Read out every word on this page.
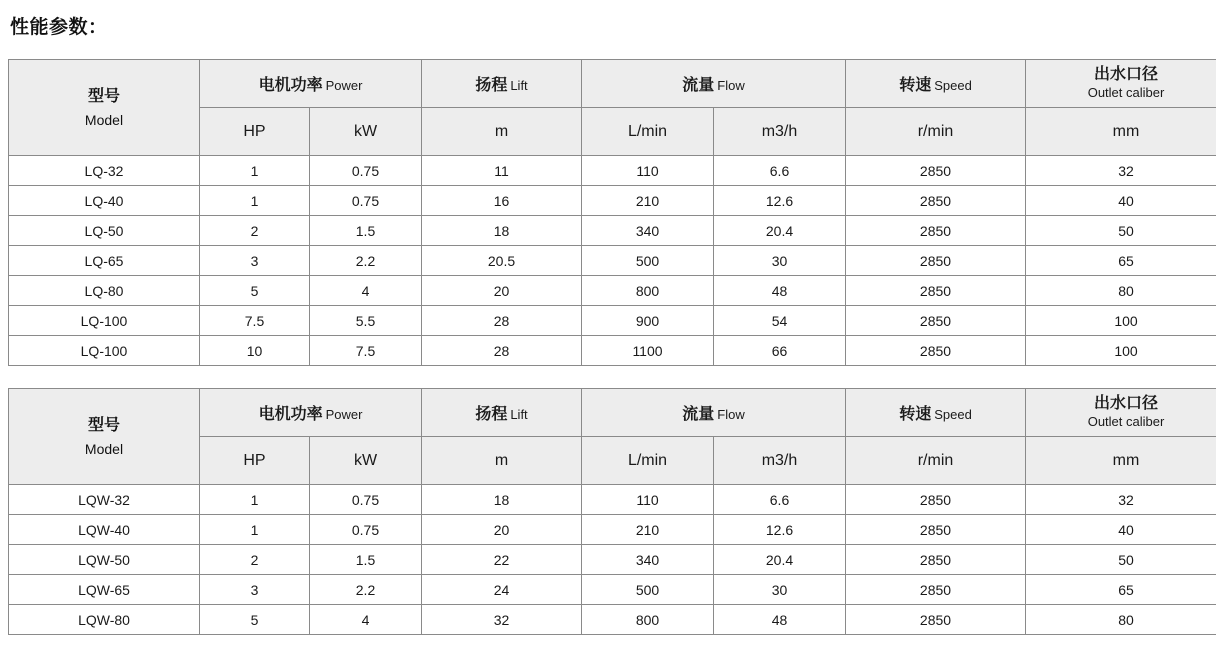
性能参数：
型号
Model	电机功率 Power		扬程 Lift	流量 Flow		转速 Speed	出水口径
Outlet caliber

	HP	kW	m	L/min	m3/h	r/min	mm
LQ-32	1	0.75	11	110	6.6	2850	32
LQ-40	1	0.75	16	210	12.6	2850	40
LQ-50	2	1.5	18	340	20.4	2850	50
LQ-65	3	2.2	20.5	500	30	2850	65
LQ-80	5	4	20	800	48	2850	80
LQ-100	7.5	5.5	28	900	54	2850	100
LQ-100	10	7.5	28	1100	66	2850	100
型号
Model	电机功率 Power		扬程 Lift	流量 Flow		转速 Speed	出水口径
Outlet caliber

	HP	kW	m	L/min	m3/h	r/min	mm
LQW-32	1	0.75	18	110	6.6	2850	32
LQW-40	1	0.75	20	210	12.6	2850	40
LQW-50	2	1.5	22	340	20.4	2850	50
LQW-65	3	2.2	24	500	30	2850	65
LQW-80	5	4	32	800	48	2850	80
